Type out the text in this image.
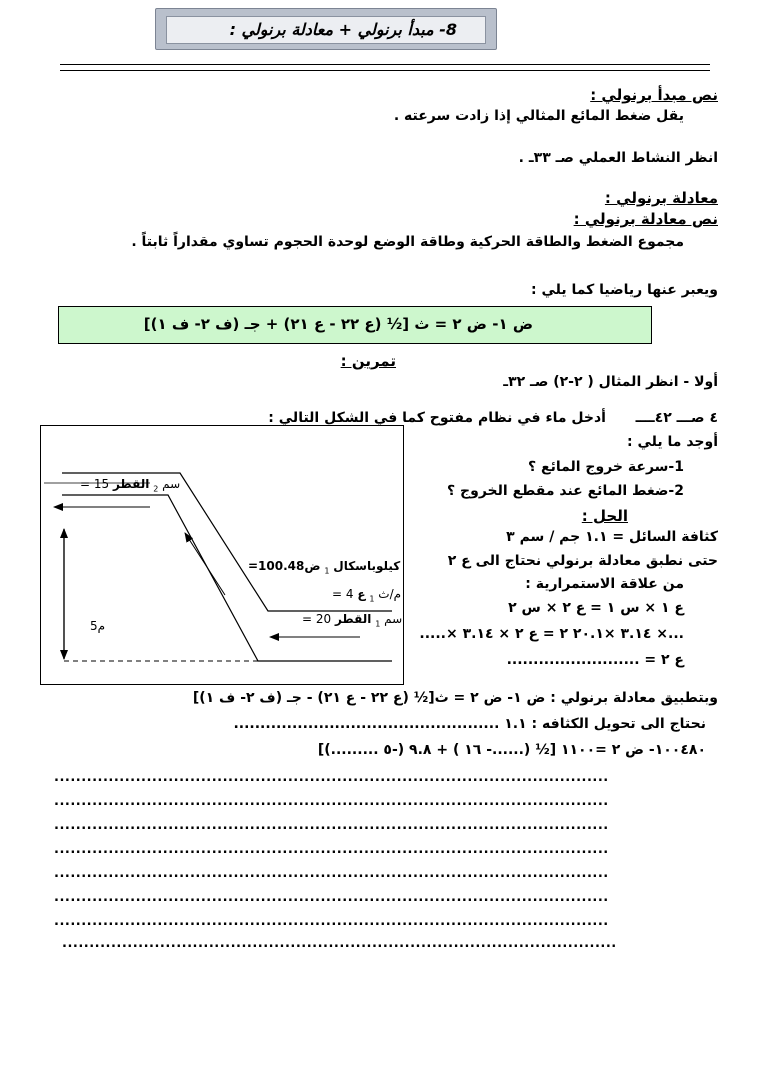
8- مبدأ برنولي + معادلة برنولي :
نص مبدأ برنولي :
يقل ضغط المائع المثالي إذا زادت سرعته .
انظر النشاط العملي صـ ٣٣ـ .
معادلة برنولي :
نص معادلة برنولي :
مجموع الضغط والطاقة الحركية وطاقة الوضع لوحدة الحجوم تساوي مقداراً ثابتاً .
ويعبر عنها رياضيا كما يلي :
ض ١- ض ٢ = ث [½ (ع ٢٢ - ع ٢١) + جـ (ف ٢- ف ١)]
تمرين :
أولا - انظر المثال ( ٢-٢) صـ ٣٢ـ
٤ صـــ ٤٢ــــ
أدخل ماء في نظام مفتوح كما في الشكل التالي :
أوجد ما يلي :
1-سرعة خروج المائع ؟
2-ضغط المائع عند مقطع الخروج ؟
الحل :
كثافة السائل = ١.١ جم / سم ٣
حتى نطبق معادلة برنولي نحتاج الى ع ٢
من علاقة الاستمرارية :
ع ١ × س ١ = ع ٢ × س ٢
...× ٣.١٤ ×٢٠.١ ٢ = ع ٢ × ٣.١٤ ×.....
ع ٢ = .........................
وبتطبيق معادلة برنولي : ض ١- ض ٢ = ث[½ (ع ٢٢ - ع ٢١) - جـ (ف ٢- ف ١)]
نحتاج الى تحويل الكثافه : ١.١ ..................................................
١٠٠٤٨٠- ض ٢ =١١٠٠ [½ (......- ١٦ ) + ٩.٨ (-٥ .........)]
= 15 سم $_2$ القطر
=100.48كيلوباسكال $_1$ ض
= 4 م/ث $_1$ ع
= 20 سم $_1$ القطر
5م
......................................................................................................
......................................................................................................
......................................................................................................
......................................................................................................
......................................................................................................
......................................................................................................
......................................................................................................
......................................................................................................
